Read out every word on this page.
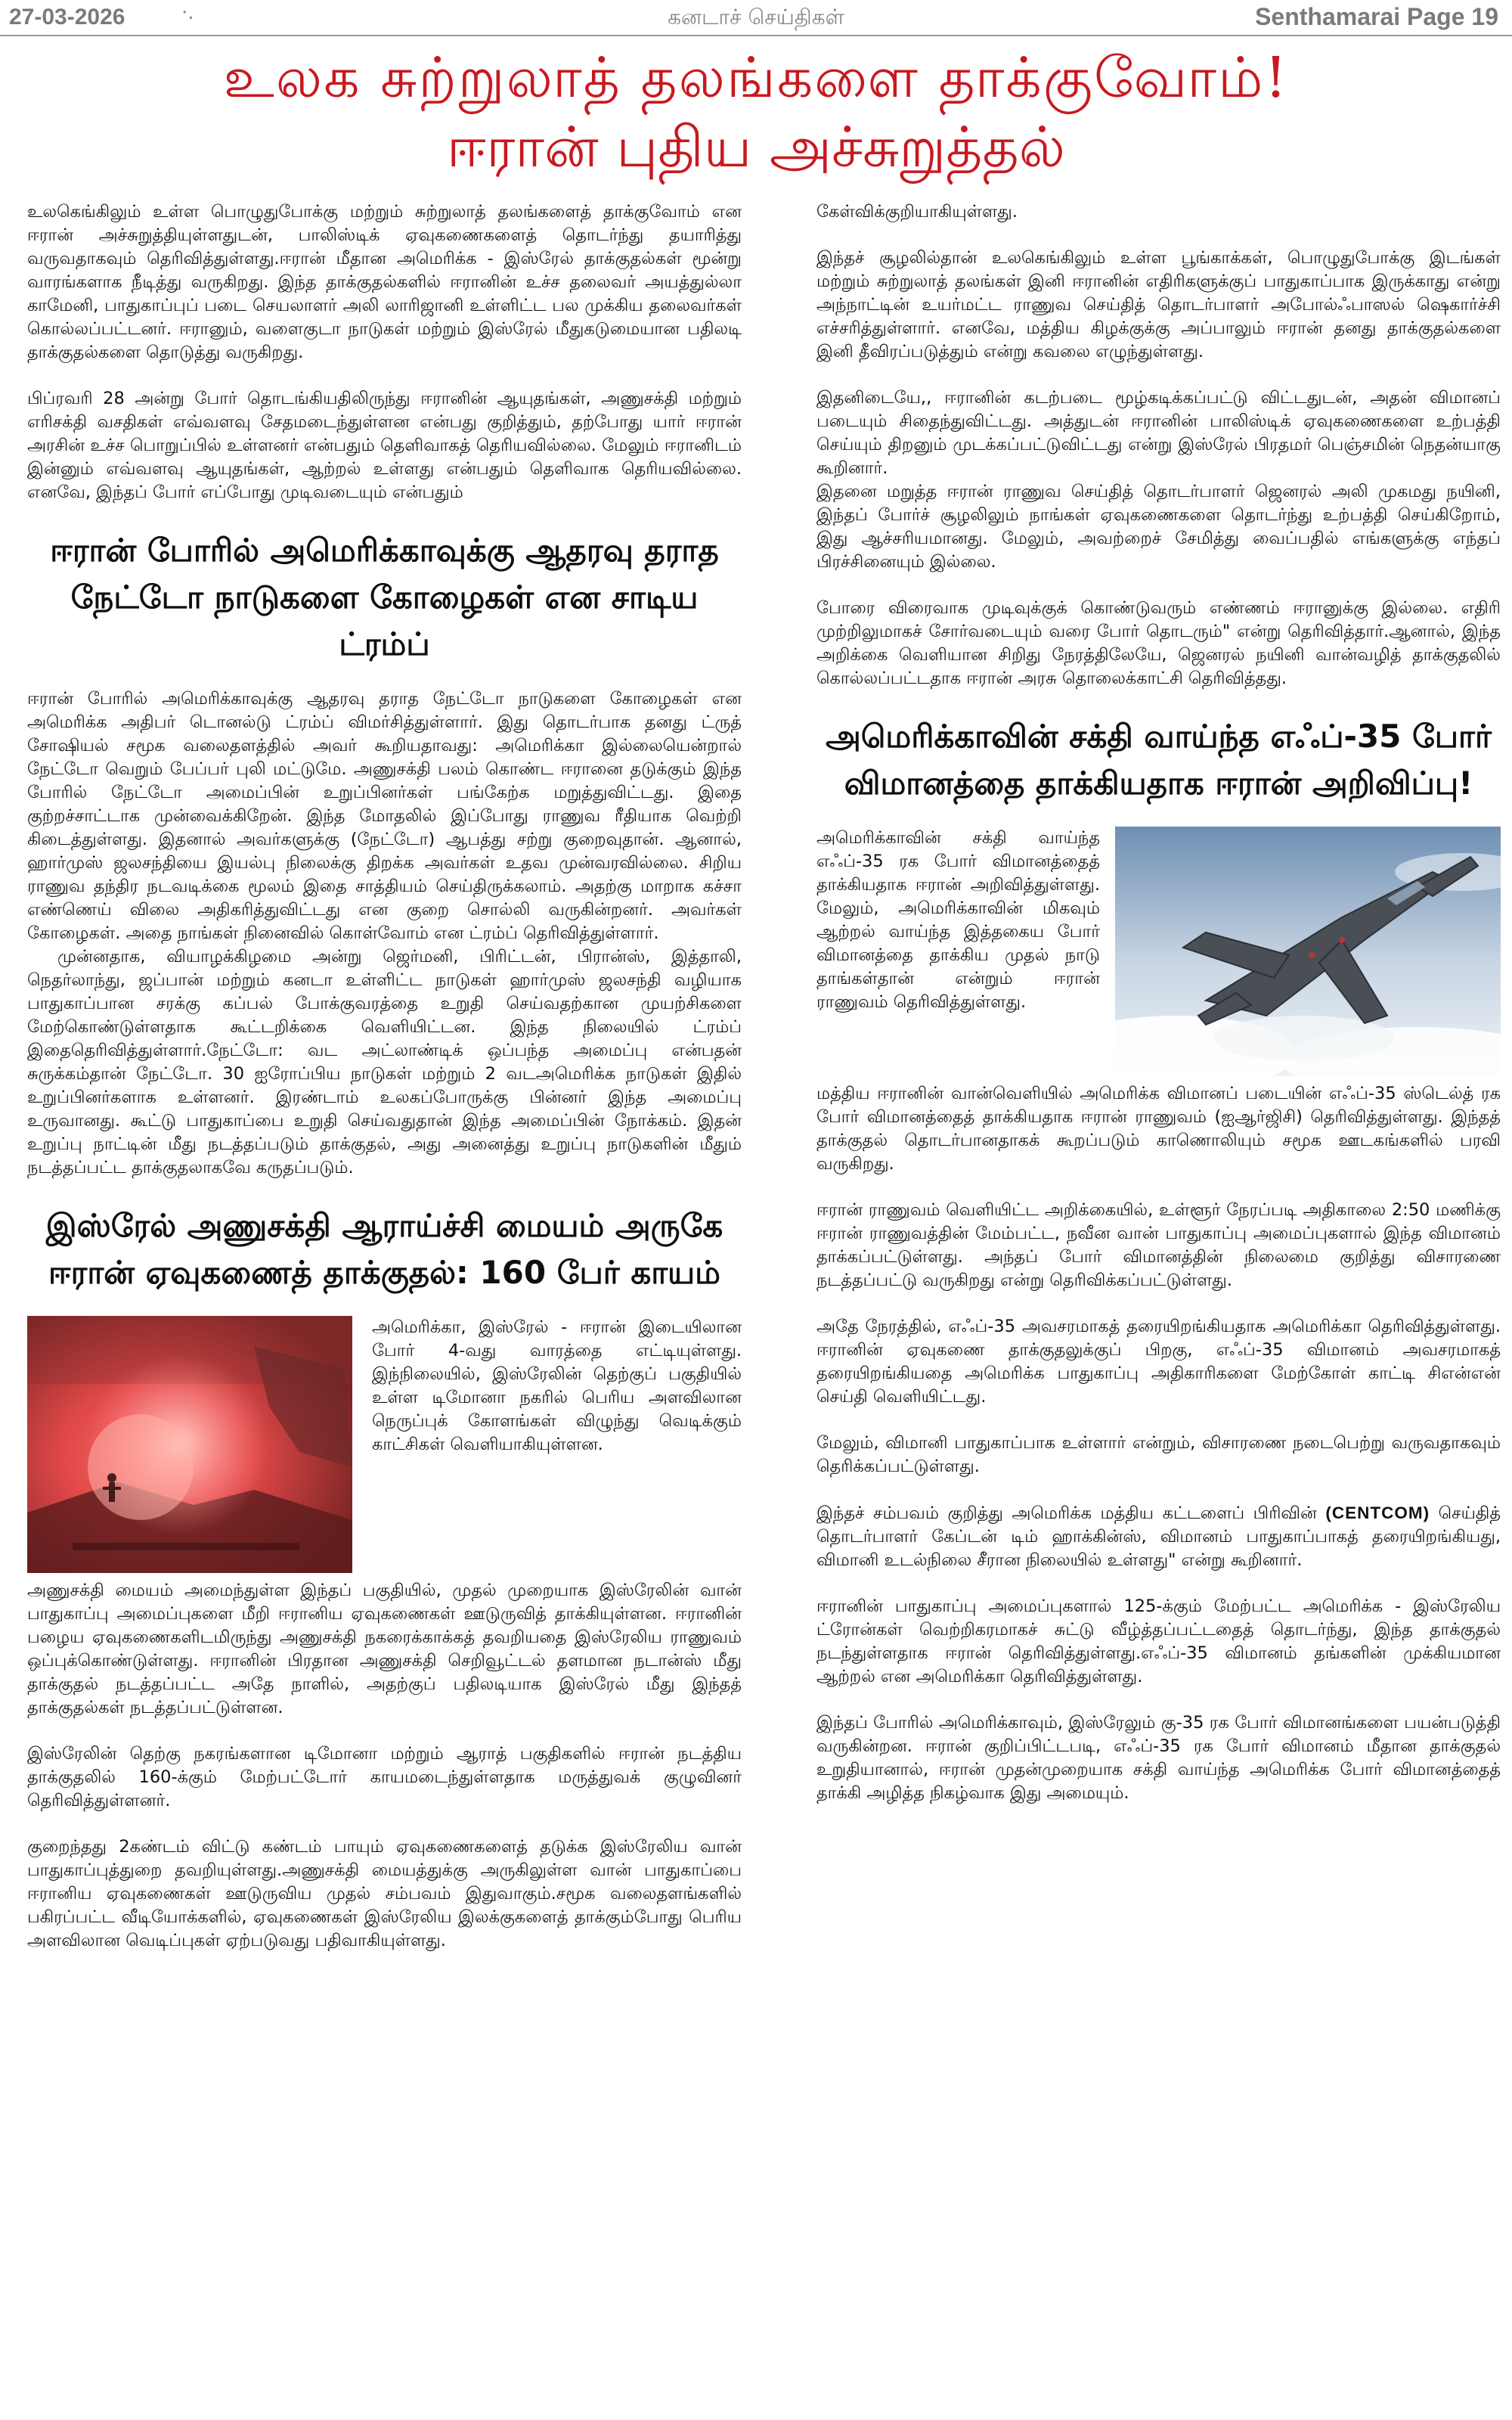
27-03-2026	·.	கனடாச் செய்திகள்	Senthamarai Page 19
உலக சுற்றுலாத் தலங்களை தாக்குவோம்!
ஈரான் புதிய அச்சுறுத்தல்

உலகெங்கிலும் உள்ள பொழுதுபோக்கு மற்றும் சுற்றுலாத் தலங்களைத் தாக்குவோம் என ஈரான் அச்சுறுத்தியுள்ளதுடன், பாலிஸ்டிக் ஏவுகணைகளைத் தொடர்ந்து தயாரித்து வருவதாகவும் தெரிவித்துள்ளது.ஈரான் மீதான அமெரிக்க - இஸ்ரேல் தாக்குதல்கள் மூன்று வாரங்களாக நீடித்து வருகிறது. இந்த தாக்குதல்களில் ஈரானின் உச்ச தலைவர் அயத்துல்லா காமேனி, பாதுகாப்புப் படை செயலாளர் அலி லாரிஜானி உள்ளிட்ட பல முக்கிய தலைவர்கள் கொல்லப்பட்டனர். ஈரானும், வளைகுடா நாடுகள் மற்றும் இஸ்ரேல் மீதுகடுமையான பதிலடி தாக்குதல்களை தொடுத்து வருகிறது.

பிப்ரவரி 28 அன்று போர் தொடங்கியதிலிருந்து ஈரானின் ஆயுதங்கள், அணுசக்தி மற்றும் எரிசக்தி வசதிகள் எவ்வளவு சேதமடைந்துள்ளன என்பது குறித்தும், தற்போது யார் ஈரான் அரசின் உச்ச பொறுப்பில் உள்ளனர் என்பதும் தெளிவாகத் தெரியவில்லை. மேலும் ஈரானிடம் இன்னும் எவ்வளவு ஆயுதங்கள், ஆற்றல் உள்ளது என்பதும் தெளிவாக தெரியவில்லை. எனவே, இந்தப் போர் எப்போது முடிவடையும் என்பதும்

ஈரான் போரில் அமெரிக்காவுக்கு ஆதரவு தராத நேட்டோ நாடுகளை கோழைகள் என சாடிய ட்ரம்ப்

ஈரான் போரில் அமெரிக்காவுக்கு ஆதரவு தராத நேட்டோ நாடுகளை கோழைகள் என அமெரிக்க அதிபர் டொனல்டு ட்ரம்ப் விமர்சித்துள்ளார். இது தொடர்பாக தனது ட்ருத் சோஷியல் சமூக வலைதளத்தில் அவர் கூறியதாவது: அமெரிக்கா இல்லையென்றால் நேட்டோ வெறும் பேப்பர் புலி மட்டுமே. அணுசக்தி பலம் கொண்ட ஈரானை தடுக்கும் இந்த போரில் நேட்டோ அமைப்பின் உறுப்பினர்கள் பங்கேற்க மறுத்துவிட்டது. இதை குற்றச்சாட்டாக முன்வைக்கிறேன். இந்த மோதலில் இப்போது ராணுவ ரீதியாக வெற்றி கிடைத்துள்ளது. இதனால் அவர்களுக்கு (நேட்டோ) ஆபத்து சற்று குறைவுதான். ஆனால், ஹார்முஸ் ஜலசந்தியை இயல்பு நிலைக்கு திறக்க அவர்கள் உதவ முன்வரவில்லை. சிறிய ராணுவ தந்திர நடவடிக்கை மூலம் இதை சாத்தியம் செய்திருக்கலாம். அதற்கு மாறாக கச்சா எண்ணெய் விலை அதிகரித்துவிட்டது என குறை சொல்லி வருகின்றனர். அவர்கள் கோழைகள். அதை நாங்கள் நினைவில் கொள்வோம் என ட்ரம்ப் தெரிவித்துள்ளார்.

முன்னதாக, வியாழக்கிழமை அன்று ஜெர்மனி, பிரிட்டன், பிரான்ஸ், இத்தாலி, நெதர்லாந்து, ஜப்பான் மற்றும் கனடா உள்ளிட்ட நாடுகள் ஹார்முஸ் ஜலசந்தி வழியாக பாதுகாப்பான சரக்கு கப்பல் போக்குவரத்தை உறுதி செய்வதற்கான முயற்சிகளை மேற்கொண்டுள்ளதாக கூட்டறிக்கை வெளியிட்டன. இந்த நிலையில் ட்ரம்ப் இதைதெரிவித்துள்ளார்.நேட்டோ: வட அட்லாண்டிக் ஒப்பந்த அமைப்பு என்பதன் சுருக்கம்தான் நேட்டோ. 30 ஐரோப்பிய நாடுகள் மற்றும் 2 வடஅமெரிக்க நாடுகள் இதில் உறுப்பினர்களாக உள்ளனர். இரண்டாம் உலகப்போருக்கு பின்னர் இந்த அமைப்பு உருவானது. கூட்டு பாதுகாப்பை உறுதி செய்வதுதான் இந்த அமைப்பின் நோக்கம். இதன் உறுப்பு நாட்டின் மீது நடத்தப்படும் தாக்குதல், அது அனைத்து உறுப்பு நாடுகளின் மீதும் நடத்தப்பட்ட தாக்குதலாகவே கருதப்படும்.

இஸ்ரேல் அணுசக்தி ஆராய்ச்சி மையம் அருகே ஈரான் ஏவுகணைத் தாக்குதல்: 160 பேர் காயம்

அமெரிக்கா, இஸ்ரேல் - ஈரான் இடையிலான போர் 4-வது வாரத்தை எட்டியுள்ளது. இந்நிலையில், இஸ்ரேலின் தெற்குப் பகுதியில் உள்ள டிமோனா நகரில் பெரிய அளவிலான நெருப்புக் கோளங்கள் விழுந்து வெடிக்கும் காட்சிகள் வெளியாகியுள்ளன.

அணுசக்தி மையம் அமைந்துள்ள இந்தப் பகுதியில், முதல் முறையாக இஸ்ரேலின் வான் பாதுகாப்பு அமைப்புகளை மீறி ஈரானிய ஏவுகணைகள் ஊடுருவித் தாக்கியுள்ளன. ஈரானின் பழைய ஏவுகணைகளிடமிருந்து அணுசக்தி நகரைக்காக்கத் தவறியதை இஸ்ரேலிய ராணுவம் ஒப்புக்கொண்டுள்ளது. ஈரானின் பிரதான அணுசக்தி செறிவூட்டல் தளமான நடான்ஸ் மீது தாக்குதல் நடத்தப்பட்ட அதே நாளில், அதற்குப் பதிலடியாக இஸ்ரேல் மீது இந்தத் தாக்குதல்கள் நடத்தப்பட்டுள்ளன.

இஸ்ரேலின் தெற்கு நகரங்களான டிமோனா மற்றும் ஆராத் பகுதிகளில் ஈரான் நடத்திய தாக்குதலில் 160-க்கும் மேற்பட்டோர் காயமடைந்துள்ளதாக மருத்துவக் குழுவினர் தெரிவித்துள்ளனர்.

குறைந்தது 2கண்டம் விட்டு கண்டம் பாயும் ஏவுகணைகளைத் தடுக்க இஸ்ரேலிய வான் பாதுகாப்புத்துறை தவறியுள்ளது.அணுசக்தி மையத்துக்கு அருகிலுள்ள வான் பாதுகாப்பை ஈரானிய ஏவுகணைகள் ஊடுருவிய முதல் சம்பவம் இதுவாகும்.சமூக வலைதளங்களில் பகிரப்பட்ட வீடியோக்களில், ஏவுகணைகள் இஸ்ரேலிய இலக்குகளைத் தாக்கும்போது பெரிய அளவிலான வெடிப்புகள் ஏற்படுவது பதிவாகியுள்ளது.

கேள்விக்குறியாகியுள்ளது.

இந்தச் சூழலில்தான் உலகெங்கிலும் உள்ள பூங்காக்கள், பொழுதுபோக்கு இடங்கள் மற்றும் சுற்றுலாத் தலங்கள் இனி ஈரானின் எதிரிகளுக்குப் பாதுகாப்பாக இருக்காது என்று அந்நாட்டின் உயர்மட்ட ராணுவ செய்தித் தொடர்பாளர் அபோல்ஃபாஸல் ஷெகார்ச்சி எச்சரித்துள்ளார். எனவே, மத்திய கிழக்குக்கு அப்பாலும் ஈரான் தனது தாக்குதல்களை இனி தீவிரப்படுத்தும் என்று கவலை எழுந்துள்ளது.

இதனிடையே,, ஈரானின் கடற்படை மூழ்கடிக்கப்பட்டு விட்டதுடன், அதன் விமானப் படையும் சிதைந்துவிட்டது. அத்துடன் ஈரானின் பாலிஸ்டிக் ஏவுகணைகளை உற்பத்தி செய்யும் திறனும் முடக்கப்பட்டுவிட்டது என்று இஸ்ரேல் பிரதமர் பெஞ்சமின் நெதன்யாகு கூறினார்.

இதனை மறுத்த ஈரான் ராணுவ செய்தித் தொடர்பாளர் ஜெனரல் அலி முகமது நயினி, இந்தப் போர்ச் சூழலிலும் நாங்கள் ஏவுகணைகளை தொடர்ந்து உற்பத்தி செய்கிறோம், இது ஆச்சரியமானது. மேலும், அவற்றைச் சேமித்து வைப்பதில் எங்களுக்கு எந்தப் பிரச்சினையும் இல்லை.

போரை விரைவாக முடிவுக்குக் கொண்டுவரும் எண்ணம் ஈரானுக்கு இல்லை. எதிரி முற்றிலுமாகச் சோர்வடையும் வரை போர் தொடரும்" என்று தெரிவித்தார்.ஆனால், இந்த அறிக்கை வெளியான சிறிது நேரத்திலேயே, ஜெனரல் நயினி வான்வழித் தாக்குதலில் கொல்லப்பட்டதாக ஈரான் அரசு தொலைக்காட்சி தெரிவித்தது.

அமெரிக்காவின் சக்தி வாய்ந்த எஃப்-35 போர் விமானத்தை தாக்கியதாக ஈரான் அறிவிப்பு!

அமெரிக்காவின் சக்தி வாய்ந்த எஃப்-35 ரக போர் விமானத்தைத் தாக்கியதாக ஈரான் அறிவித்துள்ளது. மேலும், அமெரிக்காவின் மிகவும் ஆற்றல் வாய்ந்த இத்தகைய போர் விமானத்தை தாக்கிய முதல் நாடு தாங்கள்தான் என்றும் ஈரான் ராணுவம் தெரிவித்துள்ளது.

மத்திய ஈரானின் வான்வெளியில் அமெரிக்க விமானப் படையின் எஃப்-35 ஸ்டெல்த் ரக போர் விமானத்தைத் தாக்கியதாக ஈரான் ராணுவம் (ஐஆர்ஜிசி) தெரிவித்துள்ளது. இந்தத் தாக்குதல் தொடர்பானதாகக் கூறப்படும் காணொலியும் சமூக ஊடகங்களில் பரவி வருகிறது.

ஈரான் ராணுவம் வெளியிட்ட அறிக்கையில், உள்ளூர் நேரப்படி அதிகாலை 2:50 மணிக்கு ஈரான் ராணுவத்தின் மேம்பட்ட, நவீன வான் பாதுகாப்பு அமைப்புகளால் இந்த விமானம் தாக்கப்பட்டுள்ளது. அந்தப் போர் விமானத்தின் நிலைமை குறித்து விசாரணை நடத்தப்பட்டு வருகிறது என்று தெரிவிக்கப்பட்டுள்ளது.

அதே நேரத்தில், எஃப்-35 அவசரமாகத் தரையிறங்கியதாக அமெரிக்கா தெரிவித்துள்ளது. ஈரானின் ஏவுகணை தாக்குதலுக்குப் பிறகு, எஃப்-35 விமானம் அவசரமாகத் தரையிறங்கியதை அமெரிக்க பாதுகாப்பு அதிகாரிகளை மேற்கோள் காட்டி சிஎன்என் செய்தி வெளியிட்டது.

மேலும், விமானி பாதுகாப்பாக உள்ளார் என்றும், விசாரணை நடைபெற்று வருவதாகவும் தெரிக்கப்பட்டுள்ளது.

இந்தச் சம்பவம் குறித்து அமெரிக்க மத்திய கட்டளைப் பிரிவின் (CENTCOM) செய்தித் தொடர்பாளர் கேப்டன் டிம் ஹாக்கின்ஸ், விமானம் பாதுகாப்பாகத் தரையிறங்கியது, விமானி உடல்நிலை சீரான நிலையில் உள்ளது" என்று கூறினார்.

ஈரானின் பாதுகாப்பு அமைப்புகளால் 125-க்கும் மேற்பட்ட அமெரிக்க - இஸ்ரேலிய ட்ரோன்கள் வெற்றிகரமாகச் சுட்டு வீழ்த்தப்பட்டதைத் தொடர்ந்து, இந்த தாக்குதல் நடந்துள்ளதாக ஈரான் தெரிவித்துள்ளது.எஃப்-35 விமானம் தங்களின் முக்கியமான ஆற்றல் என அமெரிக்கா தெரிவித்துள்ளது.

இந்தப் போரில் அமெரிக்காவும், இஸ்ரேலும் கு-35 ரக போர் விமானங்களை பயன்படுத்தி வருகின்றன. ஈரான் குறிப்பிட்டபடி, எஃப்-35 ரக போர் விமானம் மீதான தாக்குதல் உறுதியானால், ஈரான் முதன்முறையாக சக்தி வாய்ந்த அமெரிக்க போர் விமானத்தைத் தாக்கி அழித்த நிகழ்வாக இது அமையும்.
